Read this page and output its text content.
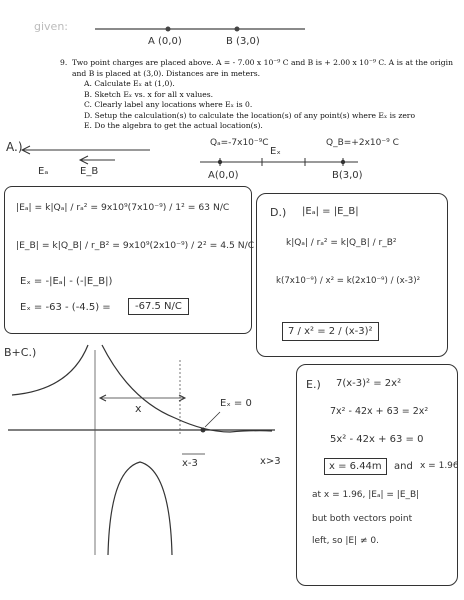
given:
A (0,0)	B (3,0)
9. Two point charges are placed above. A = - 7.00 x 10⁻⁹ C and B is + 2.00 x 10⁻⁹ C. A is at the origin and B is placed at (3,0). Distances are in meters.
A. Calculate Eₓ at (1,0).
B. Sketch Eₓ vs. x for all x values.
C. Clearly label any locations where Eₓ is 0.
D. Setup the calculation(s) to calculate the location(s) of any point(s) where Eₓ is zero
E. Do the algebra to get the actual location(s).
A.)
Eₐ	E_B
Qₐ=-7x10⁻⁹C
Eₓ
Q_B=+2x10⁻⁹ C
A(0,0)	B(3,0)
|Eₐ| = k|Qₐ| / rₐ² = 9x10⁹(7x10⁻⁹) / 1² = 63 N/C
|E_B| = k|Q_B| / r_B² = 9x10⁹(2x10⁻⁹) / 2² = 4.5 N/C
Eₓ = -|Eₐ| - (-|E_B|)
Eₓ = -63 - (-4.5) =	-67.5 N/C
D.) |Eₐ| = |E_B|
k|Qₐ| / rₐ² = k|Q_B| / r_B²
k(7x10⁻⁹) / x² = k(2x10⁻⁹) / (x-3)²
7 / x² = 2 / (x-3)²
B+C.)
x	Eₓ = 0
x-3	x>3
E.) 7(x-3)² = 2x²
7x² - 42x + 63 = 2x²
5x² - 42x + 63 = 0
x = 6.44m	and x = 1.96
at x = 1.96, |Eₐ| = |E_B|
but both vectors point
left, so |E| ≠ 0.
